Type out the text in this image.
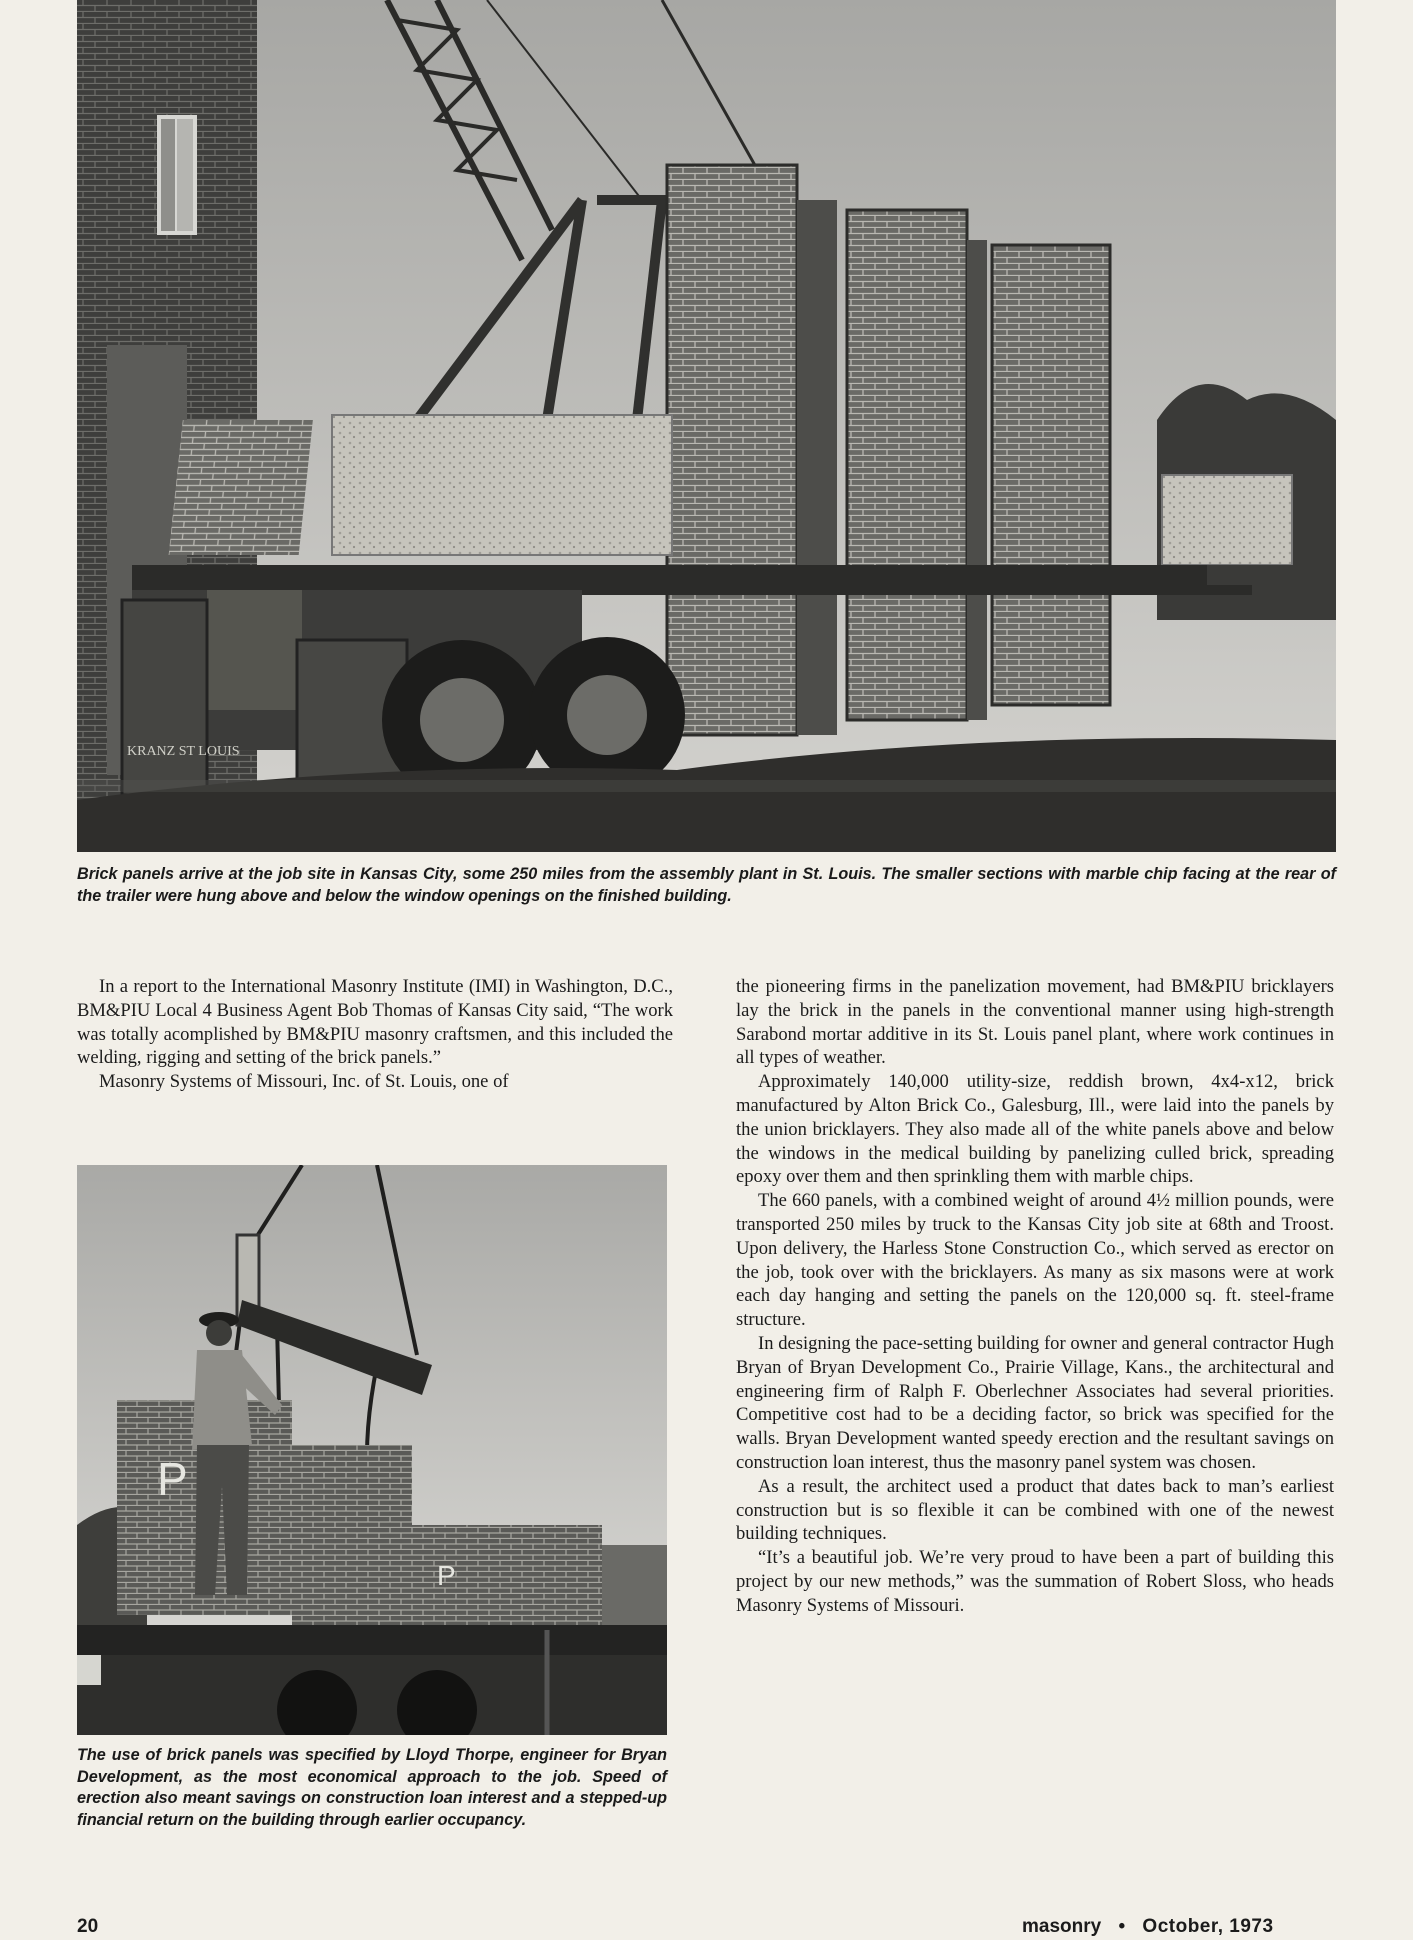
KRANZ ST LOUIS
Brick panels arrive at the job site in Kansas City, some 250 miles from the assembly plant in St. Louis. The smaller sections with marble chip facing at the rear of the trailer were hung above and below the window openings on the finished building.

In a report to the International Masonry Institute (IMI) in Washington, D.C., BM&PIU Local 4 Business Agent Bob Thomas of Kansas City said, “The work was totally acomplished by BM&PIU masonry craftsmen, and this included the welding, rigging and setting of the brick panels.”

Masonry Systems of Missouri, Inc. of St. Louis, one of

P
P
The use of brick panels was specified by Lloyd Thorpe, engineer for Bryan Development, as the most economical approach to the job. Speed of erection also meant savings on construction loan interest and a stepped-up financial return on the building through earlier occupancy.

the pioneering firms in the panelization movement, had BM&PIU bricklayers lay the brick in the panels in the conventional manner using high-strength Sarabond mortar additive in its St. Louis panel plant, where work continues in all types of weather.

Approximately 140,000 utility-size, reddish brown, 4x4-x12, brick manufactured by Alton Brick Co., Galesburg, Ill., were laid into the panels by the union bricklayers. They also made all of the white panels above and below the windows in the medical building by panelizing culled brick, spreading epoxy over them and then sprinkling them with marble chips.

The 660 panels, with a combined weight of around 4½ million pounds, were transported 250 miles by truck to the Kansas City job site at 68th and Troost. Upon delivery, the Harless Stone Construction Co., which served as erector on the job, took over with the bricklayers. As many as six masons were at work each day hanging and setting the panels on the 120,000 sq. ft. steel-frame structure.

In designing the pace-setting building for owner and general contractor Hugh Bryan of Bryan Development Co., Prairie Village, Kans., the architectural and engineering firm of Ralph F. Oberlechner Associates had several priorities. Competitive cost had to be a deciding factor, so brick was specified for the walls. Bryan Development wanted speedy erection and the resultant savings on construction loan interest, thus the masonry panel system was chosen.

As a result, the architect used a product that dates back to man’s earliest construction but is so flexible it can be combined with one of the newest building techniques.

“It’s a beautiful job. We’re very proud to have been a part of building this project by our new methods,” was the summation of Robert Sloss, who heads Masonry Systems of Missouri.

20	masonry • October, 1973
